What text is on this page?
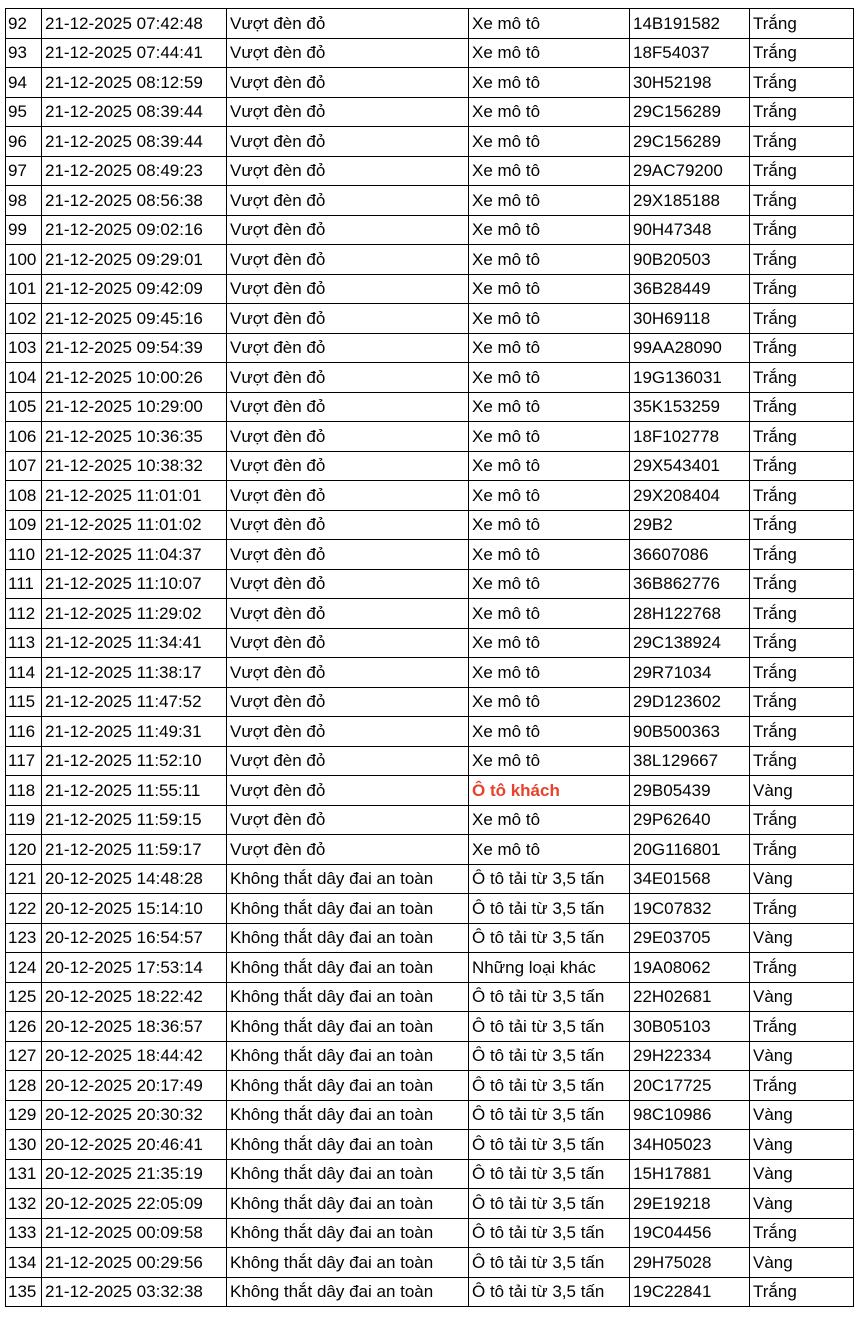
92	21-12-2025 07:42:48	Vượt đèn đỏ	Xe mô tô	14B191582	Trắng
93	21-12-2025 07:44:41	Vượt đèn đỏ	Xe mô tô	18F54037	Trắng
94	21-12-2025 08:12:59	Vượt đèn đỏ	Xe mô tô	30H52198	Trắng
95	21-12-2025 08:39:44	Vượt đèn đỏ	Xe mô tô	29C156289	Trắng
96	21-12-2025 08:39:44	Vượt đèn đỏ	Xe mô tô	29C156289	Trắng
97	21-12-2025 08:49:23	Vượt đèn đỏ	Xe mô tô	29AC79200	Trắng
98	21-12-2025 08:56:38	Vượt đèn đỏ	Xe mô tô	29X185188	Trắng
99	21-12-2025 09:02:16	Vượt đèn đỏ	Xe mô tô	90H47348	Trắng
100	21-12-2025 09:29:01	Vượt đèn đỏ	Xe mô tô	90B20503	Trắng
101	21-12-2025 09:42:09	Vượt đèn đỏ	Xe mô tô	36B28449	Trắng
102	21-12-2025 09:45:16	Vượt đèn đỏ	Xe mô tô	30H69118	Trắng
103	21-12-2025 09:54:39	Vượt đèn đỏ	Xe mô tô	99AA28090	Trắng
104	21-12-2025 10:00:26	Vượt đèn đỏ	Xe mô tô	19G136031	Trắng
105	21-12-2025 10:29:00	Vượt đèn đỏ	Xe mô tô	35K153259	Trắng
106	21-12-2025 10:36:35	Vượt đèn đỏ	Xe mô tô	18F102778	Trắng
107	21-12-2025 10:38:32	Vượt đèn đỏ	Xe mô tô	29X543401	Trắng
108	21-12-2025 11:01:01	Vượt đèn đỏ	Xe mô tô	29X208404	Trắng
109	21-12-2025 11:01:02	Vượt đèn đỏ	Xe mô tô	29B2	Trắng
110	21-12-2025 11:04:37	Vượt đèn đỏ	Xe mô tô	36607086	Trắng
111	21-12-2025 11:10:07	Vượt đèn đỏ	Xe mô tô	36B862776	Trắng
112	21-12-2025 11:29:02	Vượt đèn đỏ	Xe mô tô	28H122768	Trắng
113	21-12-2025 11:34:41	Vượt đèn đỏ	Xe mô tô	29C138924	Trắng
114	21-12-2025 11:38:17	Vượt đèn đỏ	Xe mô tô	29R71034	Trắng
115	21-12-2025 11:47:52	Vượt đèn đỏ	Xe mô tô	29D123602	Trắng
116	21-12-2025 11:49:31	Vượt đèn đỏ	Xe mô tô	90B500363	Trắng
117	21-12-2025 11:52:10	Vượt đèn đỏ	Xe mô tô	38L129667	Trắng
118	21-12-2025 11:55:11	Vượt đèn đỏ	Ô tô khách	29B05439	Vàng
119	21-12-2025 11:59:15	Vượt đèn đỏ	Xe mô tô	29P62640	Trắng
120	21-12-2025 11:59:17	Vượt đèn đỏ	Xe mô tô	20G116801	Trắng
121	20-12-2025 14:48:28	Không thắt dây đai an toàn	Ô tô tải từ 3,5 tấn	34E01568	Vàng
122	20-12-2025 15:14:10	Không thắt dây đai an toàn	Ô tô tải từ 3,5 tấn	19C07832	Trắng
123	20-12-2025 16:54:57	Không thắt dây đai an toàn	Ô tô tải từ 3,5 tấn	29E03705	Vàng
124	20-12-2025 17:53:14	Không thắt dây đai an toàn	Những loại khác	19A08062	Trắng
125	20-12-2025 18:22:42	Không thắt dây đai an toàn	Ô tô tải từ 3,5 tấn	22H02681	Vàng
126	20-12-2025 18:36:57	Không thắt dây đai an toàn	Ô tô tải từ 3,5 tấn	30B05103	Trắng
127	20-12-2025 18:44:42	Không thắt dây đai an toàn	Ô tô tải từ 3,5 tấn	29H22334	Vàng
128	20-12-2025 20:17:49	Không thắt dây đai an toàn	Ô tô tải từ 3,5 tấn	20C17725	Trắng
129	20-12-2025 20:30:32	Không thắt dây đai an toàn	Ô tô tải từ 3,5 tấn	98C10986	Vàng
130	20-12-2025 20:46:41	Không thắt dây đai an toàn	Ô tô tải từ 3,5 tấn	34H05023	Vàng
131	20-12-2025 21:35:19	Không thắt dây đai an toàn	Ô tô tải từ 3,5 tấn	15H17881	Vàng
132	20-12-2025 22:05:09	Không thắt dây đai an toàn	Ô tô tải từ 3,5 tấn	29E19218	Vàng
133	21-12-2025 00:09:58	Không thắt dây đai an toàn	Ô tô tải từ 3,5 tấn	19C04456	Trắng
134	21-12-2025 00:29:56	Không thắt dây đai an toàn	Ô tô tải từ 3,5 tấn	29H75028	Vàng
135	21-12-2025 03:32:38	Không thắt dây đai an toàn	Ô tô tải từ 3,5 tấn	19C22841	Trắng
